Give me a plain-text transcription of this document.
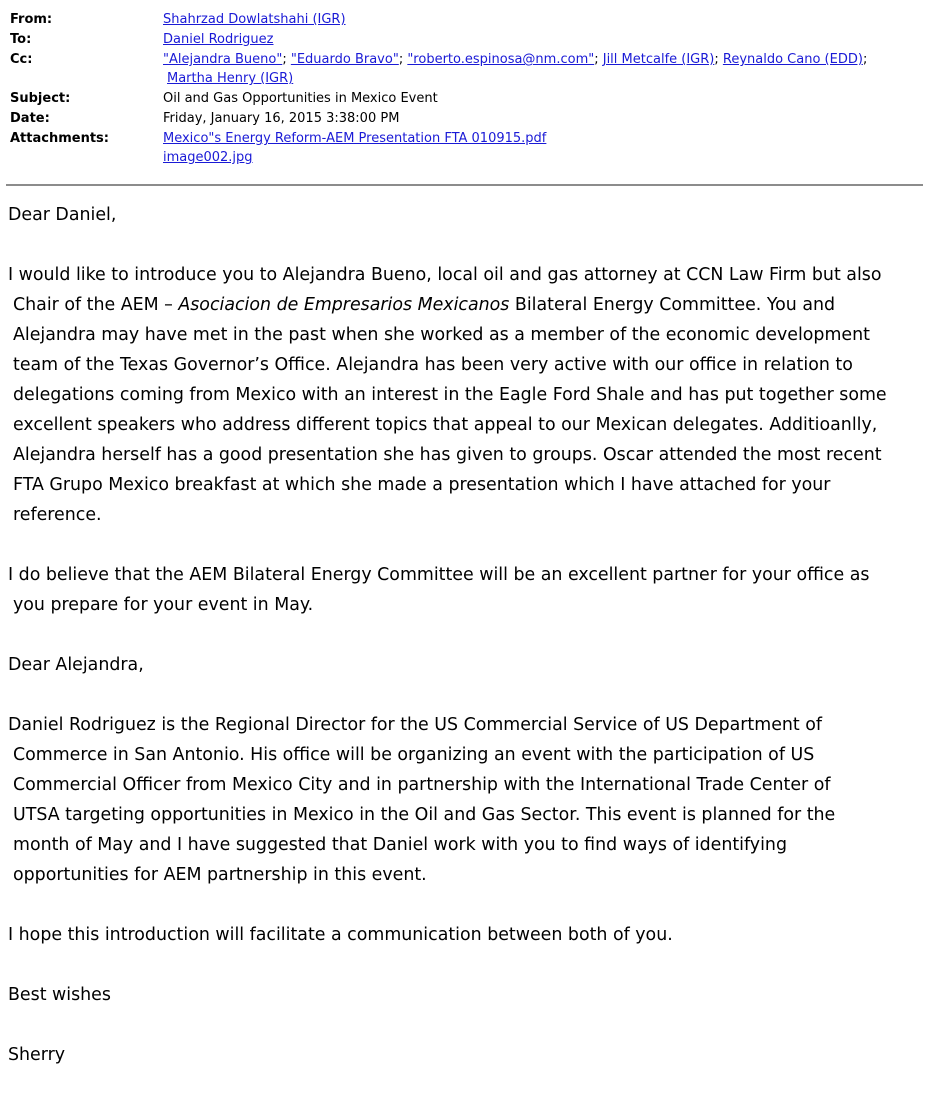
From:	Shahrzad Dowlatshahi (IGR)
To:	Daniel Rodriguez
Cc:	"Alejandra Bueno"; "Eduardo Bravo"; "roberto.espinosa@nm.com"; Jill Metcalfe (IGR); Reynaldo Cano (EDD);
Martha Henry (IGR)
Subject:	Oil and Gas Opportunities in Mexico Event
Date:	Friday, January 16, 2015 3:38:00 PM
Attachments:	Mexico"s Energy Reform-AEM Presentation FTA 010915.pdf
image002.jpg
Dear Daniel,
I would like to introduce you to Alejandra Bueno, local oil and gas attorney at CCN Law Firm but also
Chair of the AEM – Asociacion de Empresarios Mexicanos Bilateral Energy Committee. You and
Alejandra may have met in the past when she worked as a member of the economic development
team of the Texas Governor’s Office. Alejandra has been very active with our office in relation to
delegations coming from Mexico with an interest in the Eagle Ford Shale and has put together some
excellent speakers who address different topics that appeal to our Mexican delegates. Additioanlly,
Alejandra herself has a good presentation she has given to groups. Oscar attended the most recent
FTA Grupo Mexico breakfast at which she made a presentation which I have attached for your
reference.
I do believe that the AEM Bilateral Energy Committee will be an excellent partner for your office as
you prepare for your event in May.
Dear Alejandra,
Daniel Rodriguez is the Regional Director for the US Commercial Service of US Department of
Commerce in San Antonio. His office will be organizing an event with the participation of US
Commercial Officer from Mexico City and in partnership with the International Trade Center of
UTSA targeting opportunities in Mexico in the Oil and Gas Sector. This event is planned for the
month of May and I have suggested that Daniel work with you to find ways of identifying
opportunities for AEM partnership in this event.
I hope this introduction will facilitate a communication between both of you.
Best wishes
Sherry
